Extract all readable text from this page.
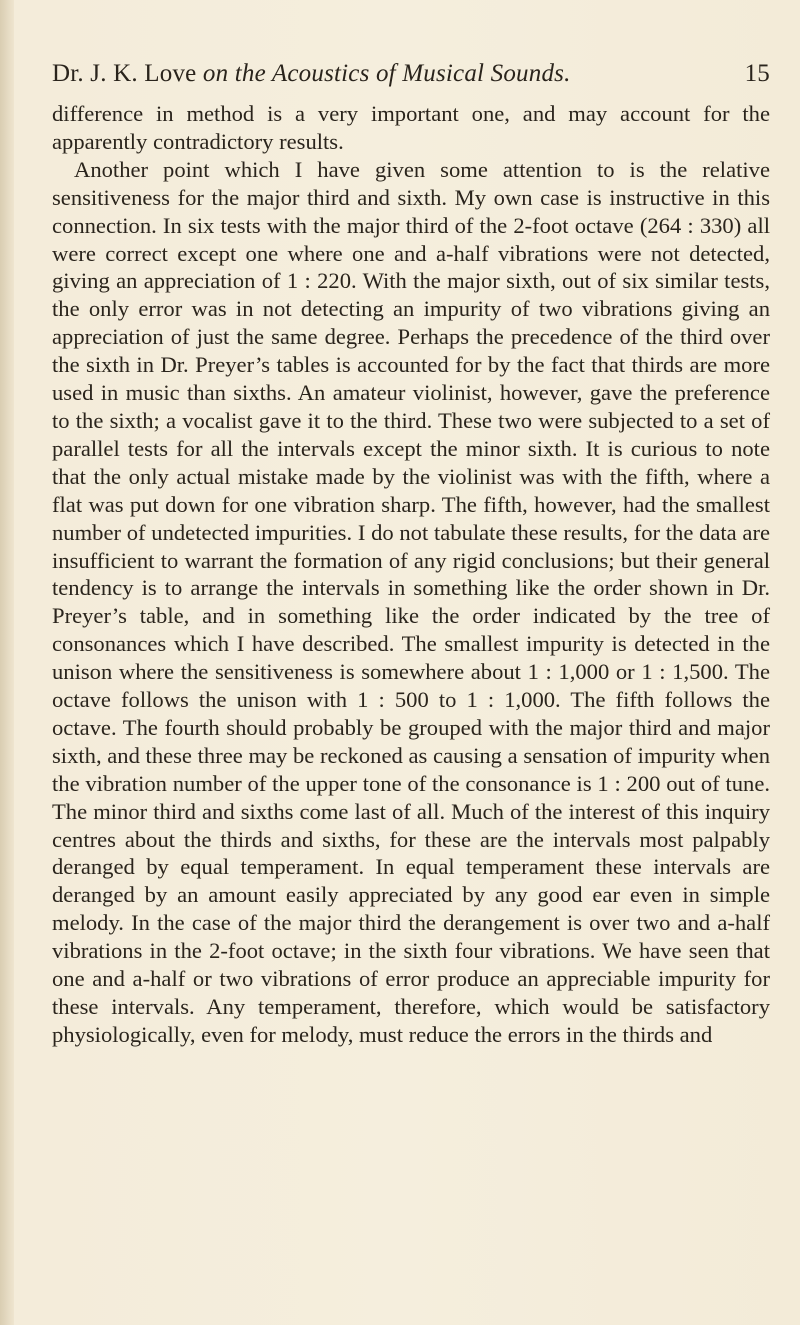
Dr. J. K. Love on the Acoustics of Musical Sounds.	15

difference in method is a very important one, and may account for the apparently contradictory results.

Another point which I have given some attention to is the relative sensitiveness for the major third and sixth. My own case is instructive in this connection. In six tests with the major third of the 2-foot octave (264 : 330) all were correct except one where one and a-half vibrations were not detected, giving an appreciation of 1 : 220. With the major sixth, out of six similar tests, the only error was in not detecting an impurity of two vibrations giving an appreciation of just the same degree. Perhaps the precedence of the third over the sixth in Dr. Preyer’s tables is accounted for by the fact that thirds are more used in music than sixths. An amateur violinist, however, gave the preference to the sixth; a vocalist gave it to the third. These two were subjected to a set of parallel tests for all the intervals except the minor sixth. It is curious to note that the only actual mistake made by the violinist was with the fifth, where a flat was put down for one vibration sharp. The fifth, however, had the smallest number of undetected impurities. I do not tabulate these results, for the data are insufficient to warrant the formation of any rigid conclusions; but their general tendency is to arrange the intervals in something like the order shown in Dr. Preyer’s table, and in something like the order indicated by the tree of consonances which I have described. The smallest impurity is detected in the unison where the sensitiveness is somewhere about 1 : 1,000 or 1 : 1,500. The octave follows the unison with 1 : 500 to 1 : 1,000. The fifth follows the octave. The fourth should probably be grouped with the major third and major sixth, and these three may be reckoned as causing a sensation of impurity when the vibration number of the upper tone of the consonance is 1 : 200 out of tune. The minor third and sixths come last of all. Much of the interest of this inquiry centres about the thirds and sixths, for these are the intervals most palpably deranged by equal temperament. In equal temperament these intervals are deranged by an amount easily appreciated by any good ear even in simple melody. In the case of the major third the derangement is over two and a-half vibrations in the 2-foot octave; in the sixth four vibrations. We have seen that one and a-half or two vibrations of error produce an appreciable impurity for these intervals. Any temperament, therefore, which would be satisfactory physiologically, even for melody, must reduce the errors in the thirds and
